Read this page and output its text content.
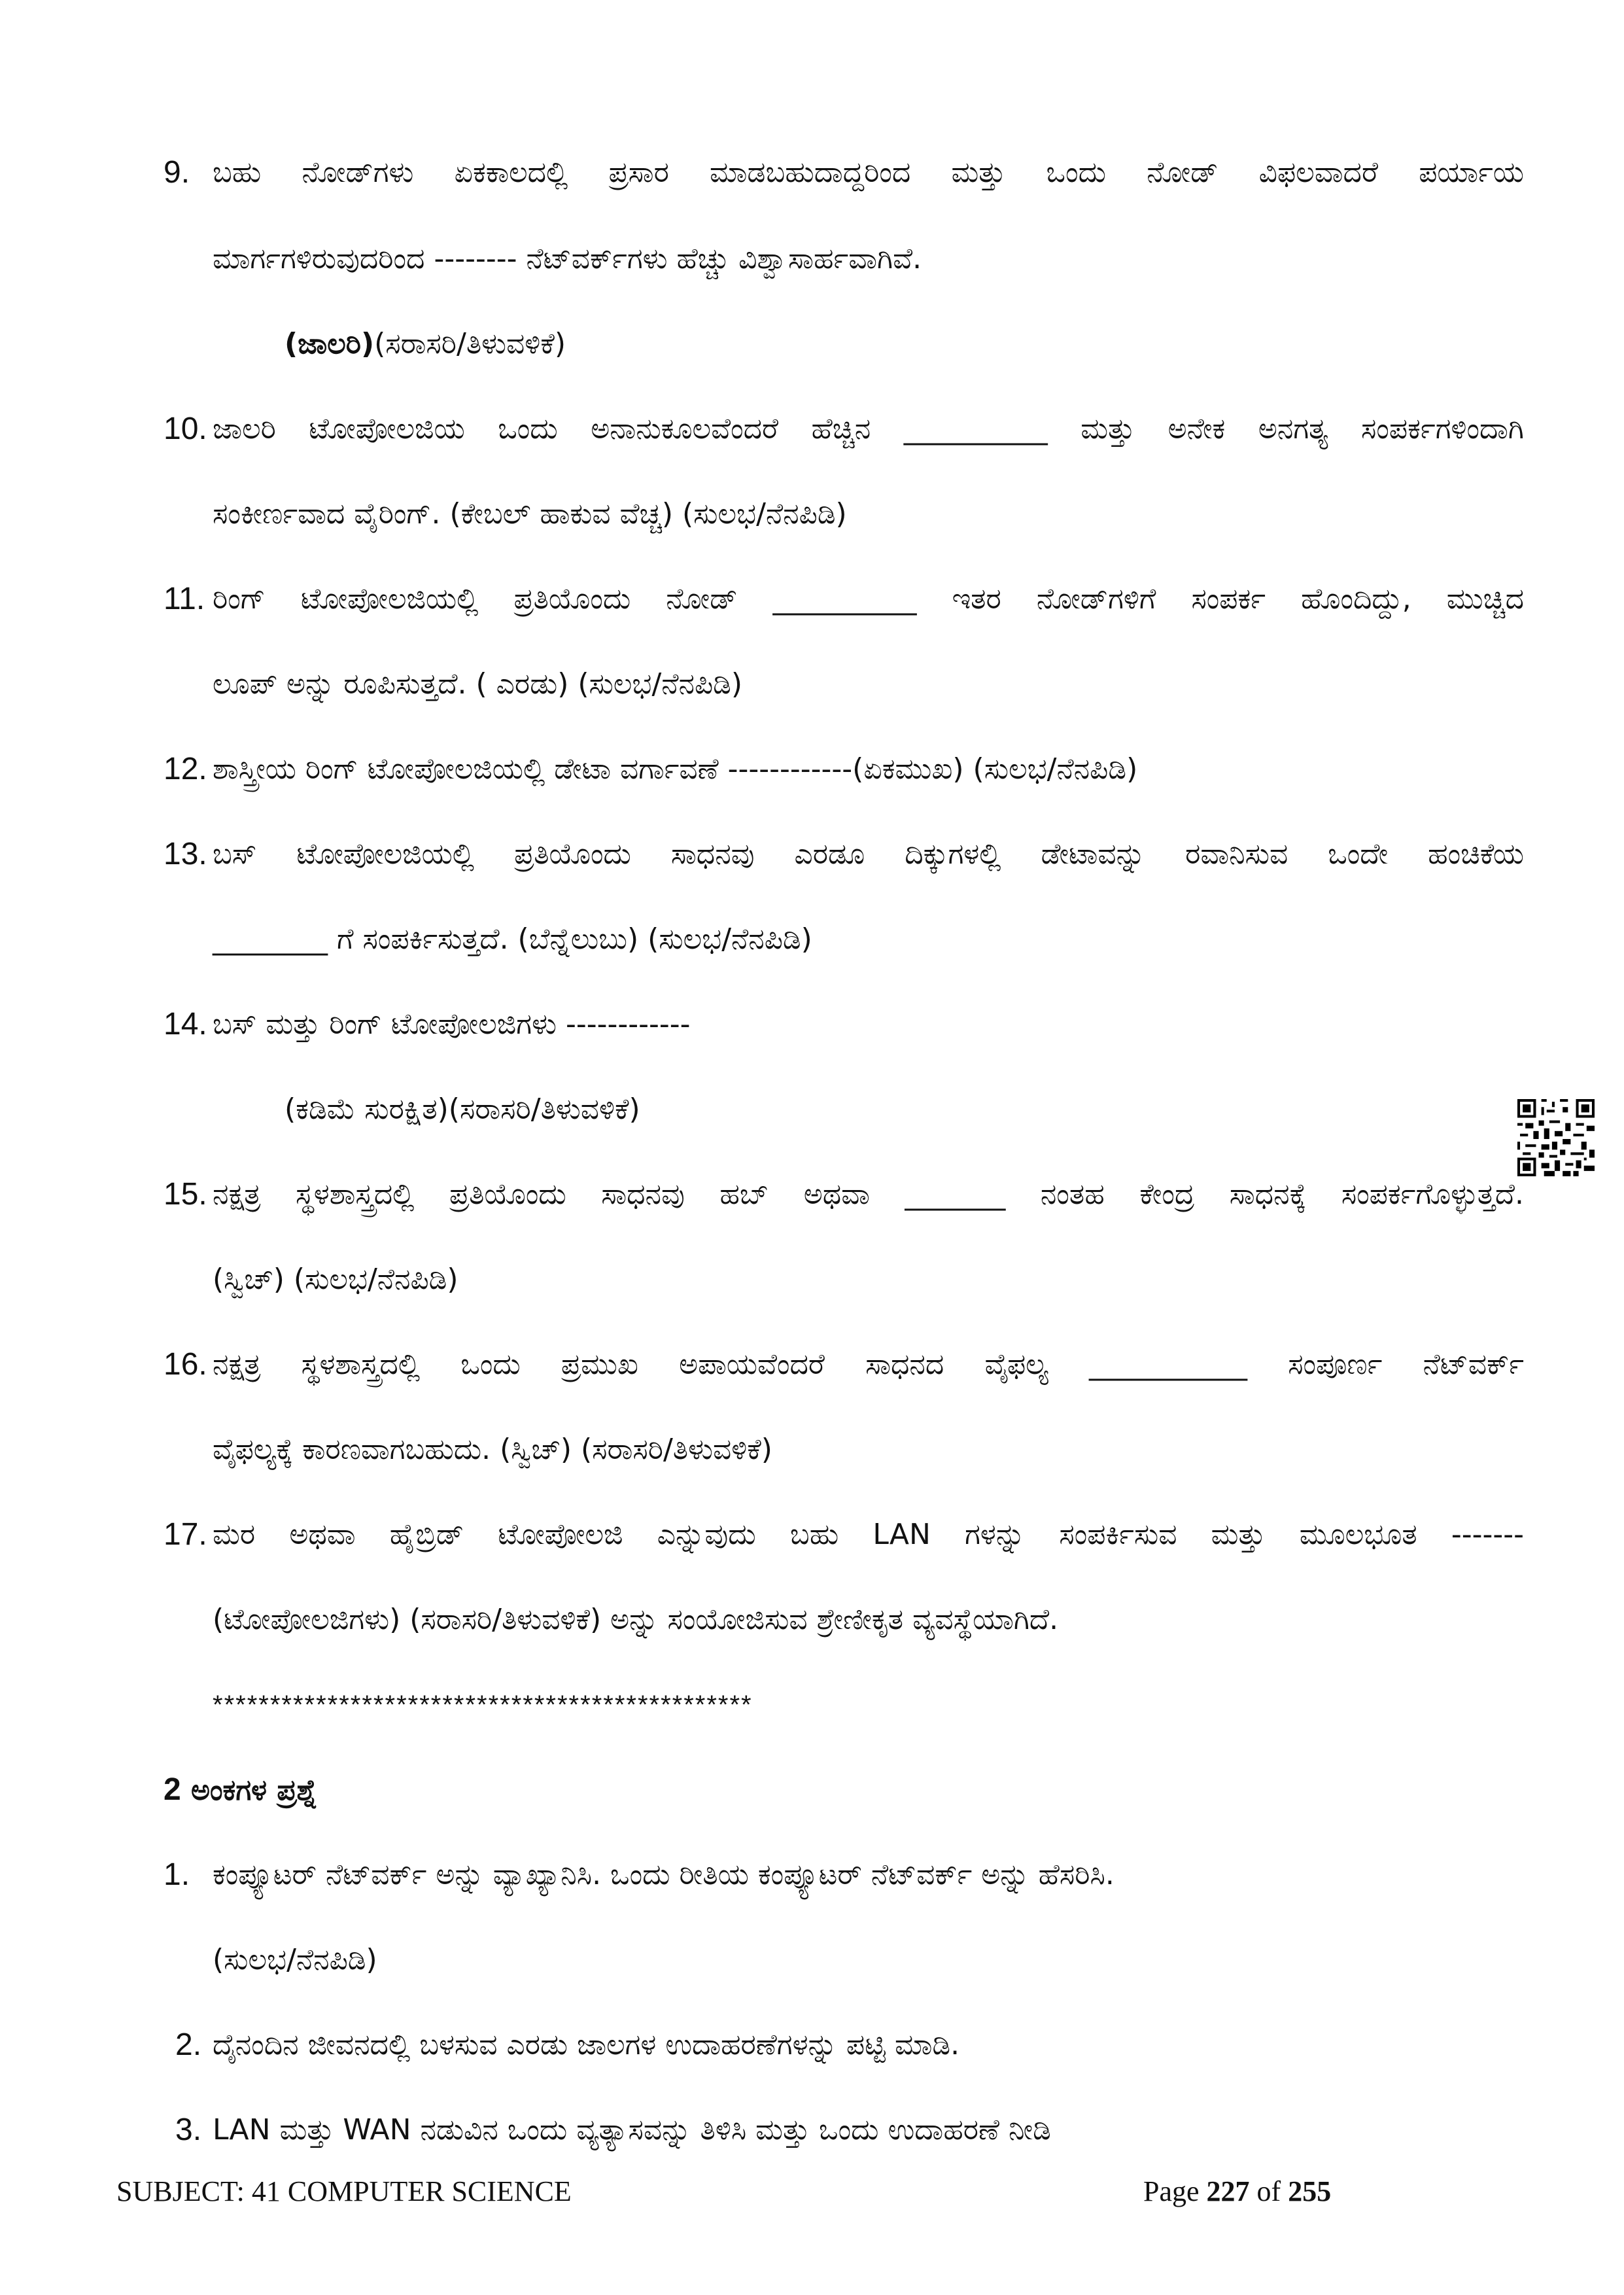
9. ಬಹು ನೋಡ್‌ಗಳು ಏಕಕಾಲದಲ್ಲಿ ಪ್ರಸಾರ ಮಾಡಬಹುದಾದ್ದರಿಂದ ಮತ್ತು ಒಂದು ನೋಡ್ ವಿಫಲವಾದರೆ ಪರ್ಯಾಯ
ಮಾರ್ಗಗಳಿರುವುದರಿಂದ -------- ನೆಟ್‌ವರ್ಕ್‌ಗಳು ಹೆಚ್ಚು ವಿಶ್ವಾಸಾರ್ಹವಾಗಿವೆ.
(ಜಾಲರಿ)(ಸರಾಸರಿ/ತಿಳುವಳಿಕೆ)
10. ಜಾಲರಿ ಟೋಪೋಲಜಿಯ ಒಂದು ಅನಾನುಕೂಲವೆಂದರೆ ಹೆಚ್ಚಿನ __________ ಮತ್ತು ಅನೇಕ ಅನಗತ್ಯ ಸಂಪರ್ಕಗಳಿಂದಾಗಿ
ಸಂಕೀರ್ಣವಾದ ವೈರಿಂಗ್. (ಕೇಬಲ್ ಹಾಕುವ ವೆಚ್ಚ) (ಸುಲಭ/ನೆನಪಿಡಿ)
11. ರಿಂಗ್ ಟೋಪೋಲಜಿಯಲ್ಲಿ ಪ್ರತಿಯೊಂದು ನೋಡ್ __________ ಇತರ ನೋಡ್‌ಗಳಿಗೆ ಸಂಪರ್ಕ ಹೊಂದಿದ್ದು, ಮುಚ್ಚಿದ
ಲೂಪ್ ಅನ್ನು ರೂಪಿಸುತ್ತದೆ. ( ಎರಡು) (ಸುಲಭ/ನೆನಪಿಡಿ)
12. ಶಾಸ್ತ್ರೀಯ ರಿಂಗ್ ಟೋಪೋಲಜಿಯಲ್ಲಿ ಡೇಟಾ ವರ್ಗಾವಣೆ ------------(ಏಕಮುಖ) (ಸುಲಭ/ನೆನಪಿಡಿ)
13. ಬಸ್ ಟೋಪೋಲಜಿಯಲ್ಲಿ ಪ್ರತಿಯೊಂದು ಸಾಧನವು ಎರಡೂ ದಿಕ್ಕುಗಳಲ್ಲಿ ಡೇಟಾವನ್ನು ರವಾನಿಸುವ ಒಂದೇ ಹಂಚಿಕೆಯ
________ ಗೆ ಸಂಪರ್ಕಿಸುತ್ತದೆ. (ಬೆನ್ನೆಲುಬು) (ಸುಲಭ/ನೆನಪಿಡಿ)
14. ಬಸ್ ಮತ್ತು ರಿಂಗ್ ಟೋಪೋಲಜಿಗಳು ------------
(ಕಡಿಮೆ ಸುರಕ್ಷಿತ)(ಸರಾಸರಿ/ತಿಳುವಳಿಕೆ)
15. ನಕ್ಷತ್ರ ಸ್ಥಳಶಾಸ್ತ್ರದಲ್ಲಿ ಪ್ರತಿಯೊಂದು ಸಾಧನವು ಹಬ್ ಅಥವಾ _______ ನಂತಹ ಕೇಂದ್ರ ಸಾಧನಕ್ಕೆ ಸಂಪರ್ಕಗೊಳ್ಳುತ್ತದೆ.
(ಸ್ವಿಚ್) (ಸುಲಭ/ನೆನಪಿಡಿ)
16. ನಕ್ಷತ್ರ ಸ್ಥಳಶಾಸ್ತ್ರದಲ್ಲಿ ಒಂದು ಪ್ರಮುಖ ಅಪಾಯವೆಂದರೆ ಸಾಧನದ ವೈಫಲ್ಯ ___________ ಸಂಪೂರ್ಣ ನೆಟ್‌ವರ್ಕ್
ವೈಫಲ್ಯಕ್ಕೆ ಕಾರಣವಾಗಬಹುದು. (ಸ್ವಿಚ್) (ಸರಾಸರಿ/ತಿಳುವಳಿಕೆ)
17. ಮರ ಅಥವಾ ಹೈಬ್ರಿಡ್ ಟೋಪೋಲಜಿ ಎನ್ನುವುದು ಬಹು LAN ಗಳನ್ನು ಸಂಪರ್ಕಿಸುವ ಮತ್ತು ಮೂಲಭೂತ -------
(ಟೋಪೋಲಜಿಗಳು) (ಸರಾಸರಿ/ತಿಳುವಳಿಕೆ) ಅನ್ನು ಸಂಯೋಜಿಸುವ ಶ್ರೇಣೀಕೃತ ವ್ಯವಸ್ಥೆಯಾಗಿದೆ.
***********************************************
2 ಅಂಕಗಳ ಪ್ರಶ್ನೆ
1. ಕಂಪ್ಯೂಟರ್ ನೆಟ್‌ವರ್ಕ್ ಅನ್ನು ವ್ಯಾಖ್ಯಾನಿಸಿ. ಒಂದು ರೀತಿಯ ಕಂಪ್ಯೂಟರ್ ನೆಟ್‌ವರ್ಕ್ ಅನ್ನು ಹೆಸರಿಸಿ.
(ಸುಲಭ/ನೆನಪಿಡಿ)
2. ದೈನಂದಿನ ಜೀವನದಲ್ಲಿ ಬಳಸುವ ಎರಡು ಜಾಲಗಳ ಉದಾಹರಣೆಗಳನ್ನು ಪಟ್ಟಿ ಮಾಡಿ.
3. LAN ಮತ್ತು WAN ನಡುವಿನ ಒಂದು ವ್ಯತ್ಯಾಸವನ್ನು ತಿಳಿಸಿ ಮತ್ತು ಒಂದು ಉದಾಹರಣೆ ನೀಡಿ
SUBJECT: 41 COMPUTER SCIENCE	Page 227 of 255
